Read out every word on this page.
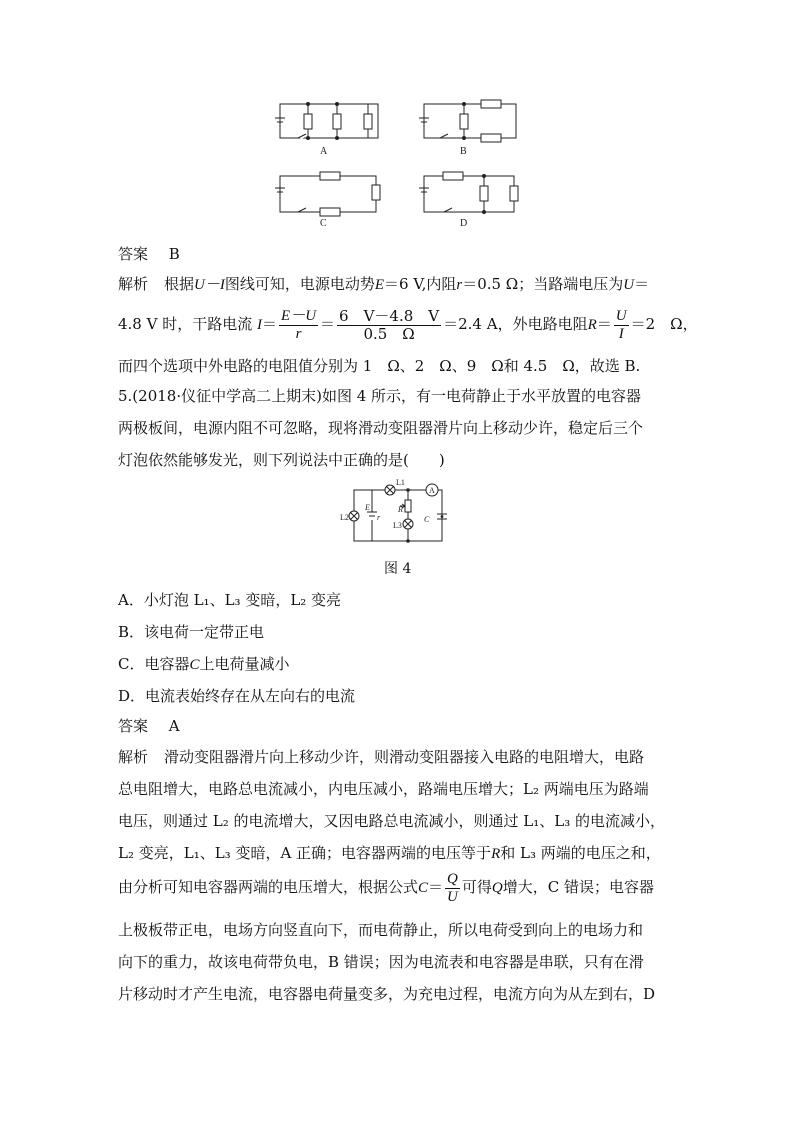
A	B
C	D
答案 B
解析 根据U－I图线可知，电源电动势E＝6 V,内阻r＝0.5 Ω；当路端电压为U＝
4.8 V 时，干路电流 $I= \frac{E-U}{r} = \frac{6 V-4.8 V}{0.5 \Omega} =2.4$ A，外电路电阻$R= \frac{U}{I} =2$　Ω，
而四个选项中外电路的电阻值分别为 1　Ω、2　Ω、9　Ω和 4.5　Ω，故选 B.
5.(2018·仪征中学高二上期末)如图 4 所示，有一电荷静止于水平放置的电容器
两极板间，电源内阻不可忽略，现将滑动变阻器滑片向上移动少许，稳定后三个
灯泡依然能够发光，则下列说法中正确的是(　　)
L1
A
L2
E
r
R
L3
C
图 4
A．小灯泡 L₁、L₃ 变暗，L₂ 变亮
B．该电荷一定带正电
C．电容器C上电荷量减小
D．电流表始终存在从左向右的电流
答案 A
解析 滑动变阻器滑片向上移动少许，则滑动变阻器接入电路的电阻增大，电路
总电阻增大，电路总电流减小，内电压减小，路端电压增大；L₂ 两端电压为路端
电压，则通过 L₂ 的电流增大，又因电路总电流减小，则通过 L₁、L₃ 的电流减小，
L₂ 变亮，L₁、L₃ 变暗，A 正确；电容器两端的电压等于R和 L₃ 两端的电压之和，
由分析可知电容器两端的电压增大，根据公式$C= \frac{Q}{U}$ 可得Q增大，C 错误；电容器
上极板带正电，电场方向竖直向下，而电荷静止，所以电荷受到向上的电场力和
向下的重力，故该电荷带负电，B 错误；因为电流表和电容器是串联，只有在滑
片移动时才产生电流，电容器电荷量变多，为充电过程，电流方向为从左到右，D
